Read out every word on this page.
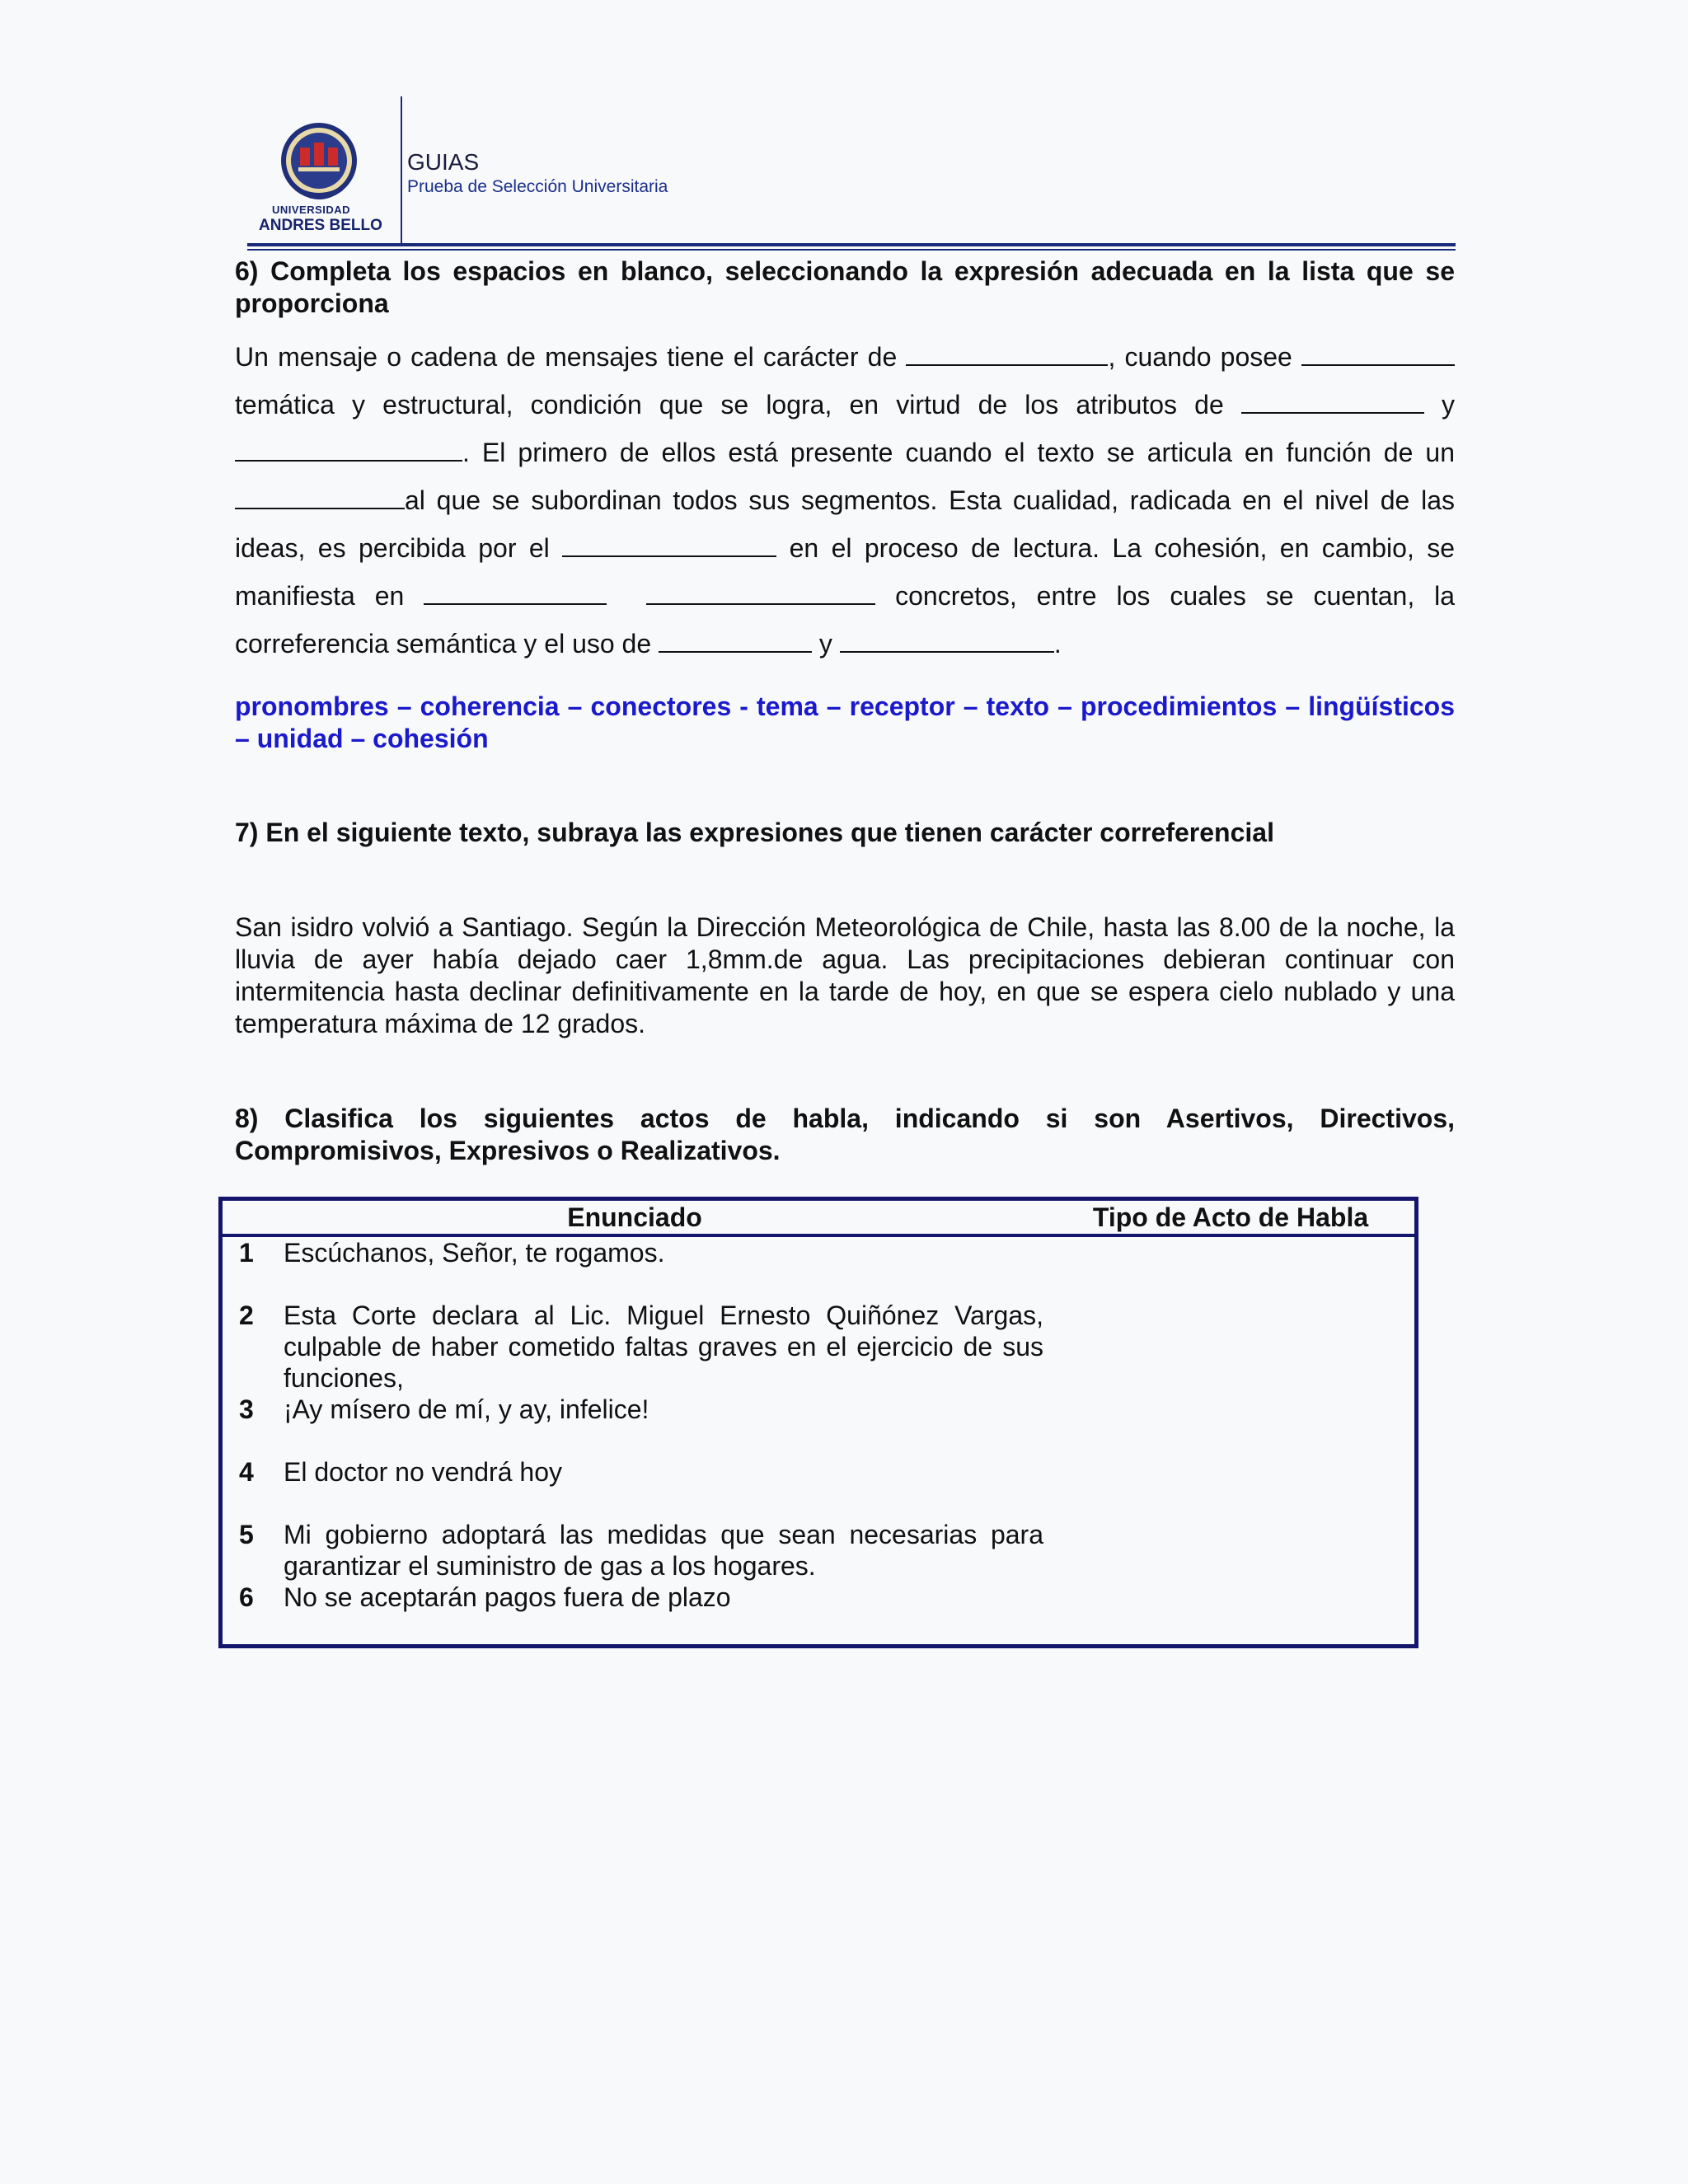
UNIVERSIDAD
ANDRES BELLO
GUIAS
Prueba de Selección Universitaria

6) Completa los espacios en blanco, seleccionando la expresión adecuada en la lista que se proporciona

Un mensaje o cadena de mensajes tiene el carácter de	, cuando posee  temática y estructural, condición que se logra, en virtud de los atributos de	y . El primero de ellos está presente cuando el texto se articula en función de unal que se subordinan todos sus segmentos. Esta cualidad, radicada en el nivel de las ideas, es percibida por el	en el proceso de lectura. La cohesión, en cambio, se manifiesta en	concretos, entre los cuales se cuentan, la correferencia semántica y el uso de	y	.

pronombres – coherencia – conectores - tema – receptor – texto – procedimientos – lingüísticos – unidad – cohesión

7) En el siguiente texto, subraya las expresiones que tienen carácter correferencial

San isidro volvió a Santiago. Según la Dirección Meteorológica de Chile, hasta las 8.00 de la noche, la lluvia de ayer había dejado caer 1,8mm.de agua. Las precipitaciones debieran continuar con intermitencia hasta declinar definitivamente en la tarde de hoy, en que se espera cielo nublado y una temperatura máxima de 12 grados.

8) Clasifica los siguientes actos de habla, indicando si son Asertivos, Directivos, Compromisivos, Expresivos o Realizativos.

Enunciado		Tipo de Acto de Habla
1	Escúchanos, Señor, te rogamos.	
2	Esta Corte declara al Lic. Miguel Ernesto Quiñónez Vargas, culpable de haber cometido faltas graves en el ejercicio de sus funciones,	
3	¡Ay mísero de mí, y ay, infelice!	
4	El doctor no vendrá hoy	
5	Mi gobierno adoptará las medidas que sean necesarias para garantizar el suministro de gas a los hogares.	
6	No se aceptarán pagos fuera de plazo	
